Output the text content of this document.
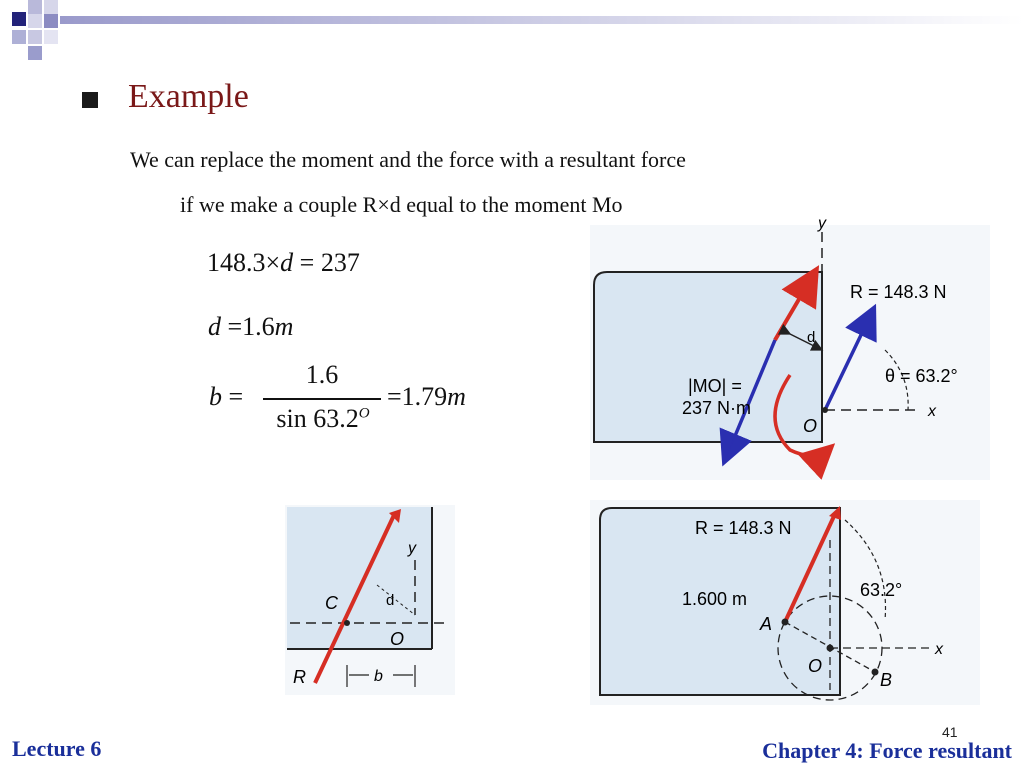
Example
We can replace the moment and the force with a resultant force
if we make a couple R×d equal to the moment Mo
148.3×d = 237
d =1.6m
b =
1.6
$\sin 63.2^O$
=1.79m
y
x
d
R = 148.3 N
θ = 63.2°
|MO| =
237 N·m
O
y
d
C
O
R	b
x
R = 148.3 N
63.2°
1.600 m
A
O
B
41
Lecture 6	Chapter 4: Force resultant
